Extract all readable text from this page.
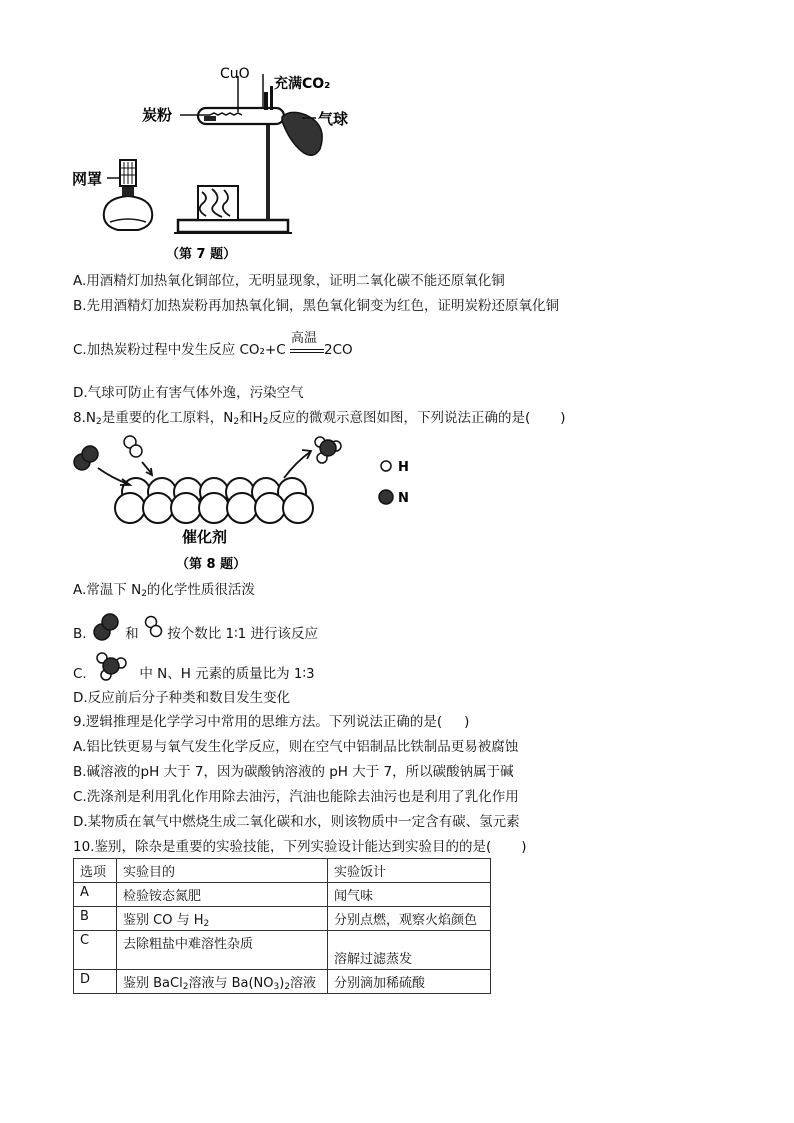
CuO
充满CO₂
炭粉	气球
网罩
（第 7 题）
A.用酒精灯加热氧化铜部位，无明显现象，证明二氧化碳不能还原氧化铜
B.先用酒精灯加热炭粉再加热氧化铜，黑色氧化铜变为红色，证明炭粉还原氧化铜
C.加热炭粉过程中发生反应 CO₂+C
高温
2CO
D.气球可防止有害气体外逸，污染空气
$8.N_2$是重要的化工原料，$N_2$和$H_2$反应的微观示意图如图，下列说法正确的是( )
H
N
催化剂
（第 8 题）
A.常温下 $N_2$的化学性质很活泼
B.	和 按个数比 1∶1 进行该反应
C.	中 N、H 元素的质量比为 1∶3
D.反应前后分子种类和数目发生变化
9.逻辑推理是化学学习中常用的思维方法。下列说法正确的是( )
A.铝比铁更易与氧气发生化学反应，则在空气中铝制品比铁制品更易被腐蚀
B.碱溶液的pH 大于 7，因为碳酸钠溶液的 pH 大于 7，所以碳酸钠属于碱
C.洗涤剂是利用乳化作用除去油污，汽油也能除去油污也是利用了乳化作用
D.某物质在氧气中燃烧生成二氧化碳和水，则该物质中一定含有碳、氢元素
10.鉴别，除杂是重要的实验技能，下列实验设计能达到实验目的的是( )
选项	实验目的	实验饭计
A	检验铵态氮肥	闻气味
B	鉴别 CO 与 $H_2$	分别点燃，观察火焰颜色
C	去除粗盐中难溶性杂质	溶解过滤蒸发
D	鉴别 BaCl$_2$溶液与 $Ba(NO_3)_2$溶液	分别滴加稀硫酸
